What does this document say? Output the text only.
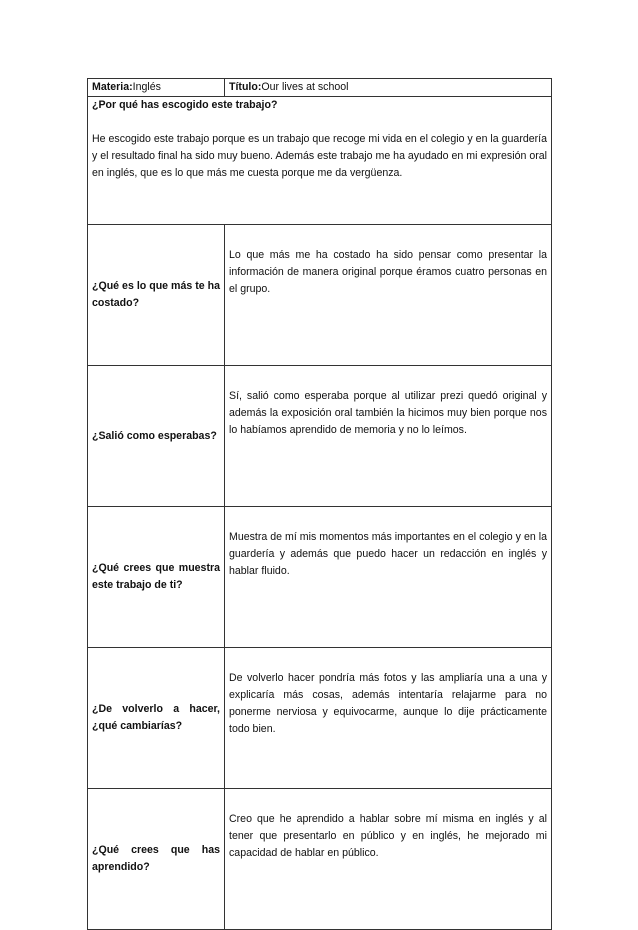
Materia:Inglés	Título:Our lives at school

¿Por qué has escogido este trabajo?
He escogido este trabajo porque es un trabajo que recoge mi vida en el colegio y en la guardería y el resultado final ha sido muy bueno. Además este trabajo me ha ayudado en mi expresión oral en inglés, que es lo que más me cuesta porque me da vergüenza.	

¿Qué es lo que más te ha costado?	Lo que más me ha costado ha sido pensar como presentar la información de manera original porque éramos cuatro personas en el grupo.

¿Salió como esperabas?	Sí, salió como esperaba porque al utilizar prezi quedó original y además la exposición oral también la hicimos muy bien porque nos lo habíamos aprendido de memoria y no lo leímos.

¿Qué crees que muestra este trabajo de ti?	Muestra de mí mis momentos más importantes en el colegio y en la guardería y además que puedo hacer un redacción en inglés y hablar fluido.

¿De volverlo a hacer, ¿qué cambiarías?	De volverlo hacer pondría más fotos y las ampliaría una a una y explicaría más cosas, además intentaría relajarme para no ponerme nerviosa y equivocarme, aunque lo dije prácticamente todo bien.

¿Qué crees que has aprendido?	Creo que he aprendido a hablar sobre mí misma en inglés y al tener que presentarlo en público y en inglés, he mejorado mi capacidad de hablar en público.
